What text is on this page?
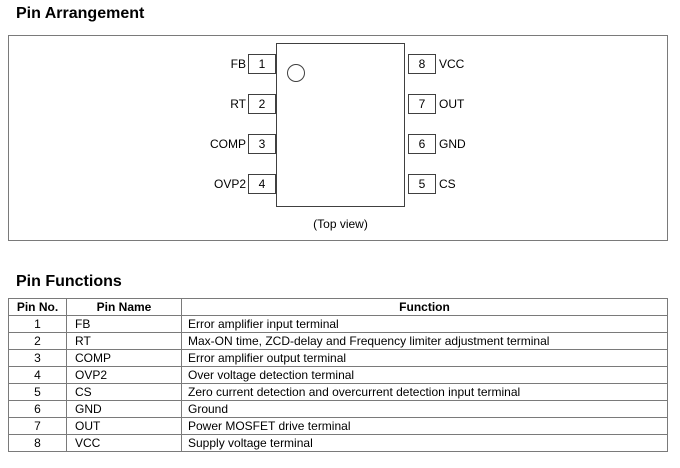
Pin Arrangement
FB	1
RT	2
COMP	3
OVP2	4
8	VCC
7	OUT
6	GND
5	CS
(Top view)
Pin Functions
Pin No.	Pin Name	Function
1	FB	Error amplifier input terminal
2	RT	Max-ON time, ZCD-delay and Frequency limiter adjustment terminal
3	COMP	Error amplifier output terminal
4	OVP2	Over voltage detection terminal
5	CS	Zero current detection and overcurrent detection input terminal
6	GND	Ground
7	OUT	Power MOSFET drive terminal
8	VCC	Supply voltage terminal
